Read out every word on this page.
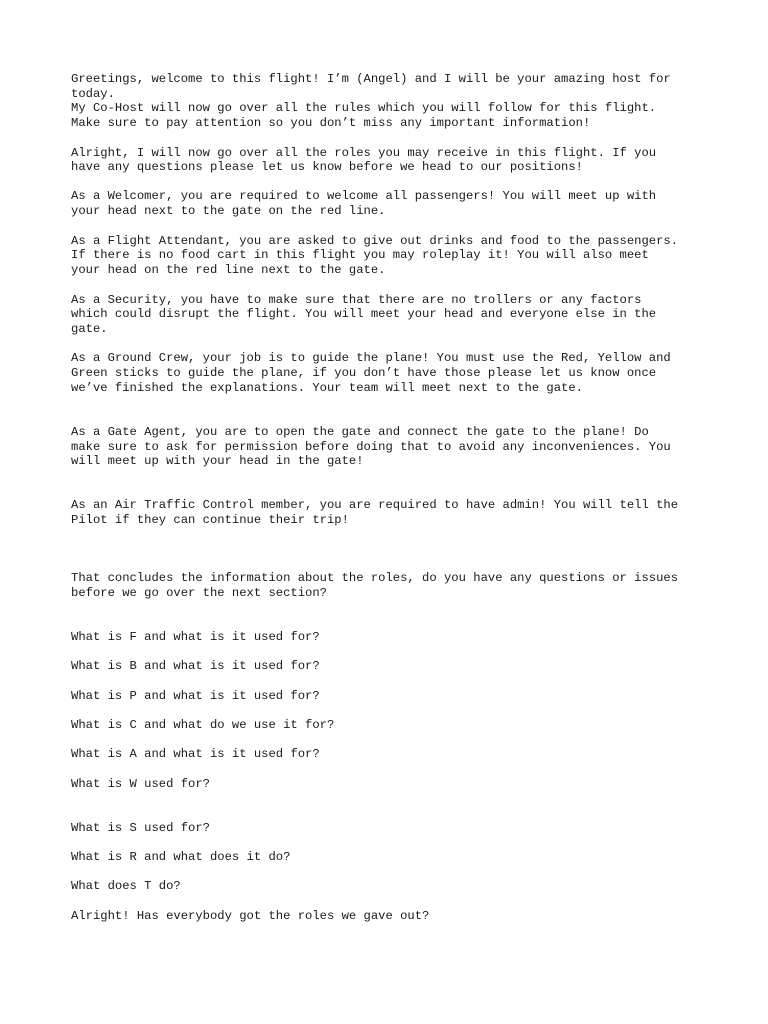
Greetings, welcome to this flight! I’m (Angel) and I will be your amazing host for

today.

My Co-Host will now go over all the rules which you will follow for this flight.

Make sure to pay attention so you don’t miss any important information!

Alright, I will now go over all the roles you may receive in this flight. If you

have any questions please let us know before we head to our positions!

As a Welcomer, you are required to welcome all passengers! You will meet up with

your head next to the gate on the red line.

As a Flight Attendant, you are asked to give out drinks and food to the passengers.

If there is no food cart in this flight you may roleplay it! You will also meet

your head on the red line next to the gate.

As a Security, you have to make sure that there are no trollers or any factors

which could disrupt the flight. You will meet your head and everyone else in the

gate.

As a Ground Crew, your job is to guide the plane! You must use the Red, Yellow and

Green sticks to guide the plane, if you don’t have those please let us know once

we’ve finished the explanations. Your team will meet next to the gate.

As a Gate Agent, you are to open the gate and connect the gate to the plane! Do

make sure to ask for permission before doing that to avoid any inconveniences. You

will meet up with your head in the gate!

As an Air Traffic Control member, you are required to have admin! You will tell the

Pilot if they can continue their trip!

That concludes the information about the roles, do you have any questions or issues

before we go over the next section?

What is F and what is it used for?

What is B and what is it used for?

What is P and what is it used for?

What is C and what do we use it for?

What is A and what is it used for?

What is W used for?

What is S used for?

What is R and what does it do?

What does T do?

Alright! Has everybody got the roles we gave out?
